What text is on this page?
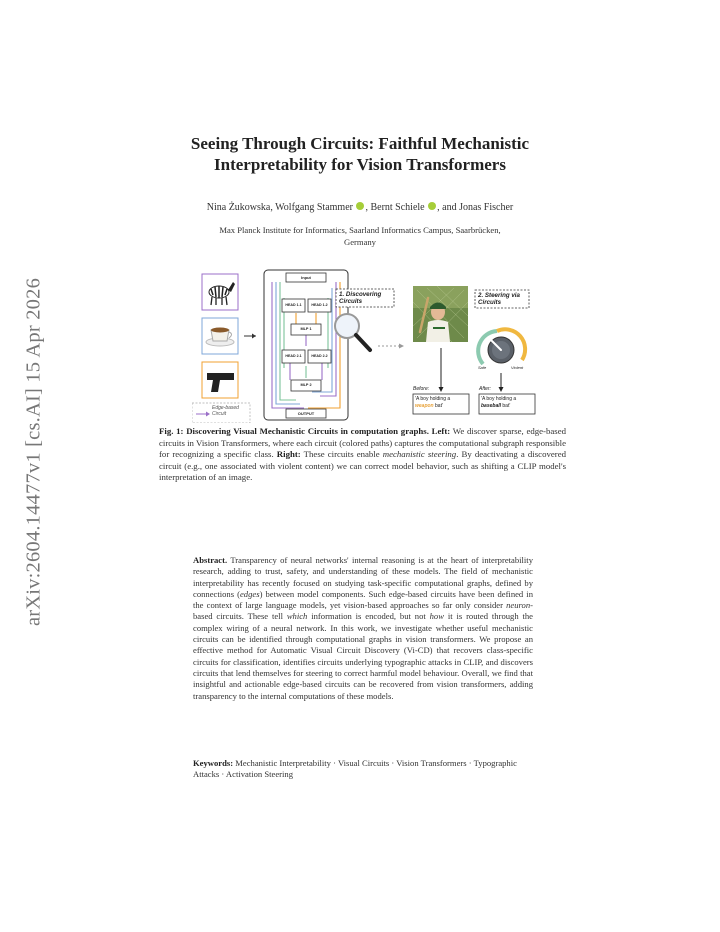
arXiv:2604.14477v1 [cs.AI] 15 Apr 2026
Seeing Through Circuits: Faithful Mechanistic
Interpretability for Vision Transformers
Nina Żukowska, Wolfgang Stammer , Bernt Schiele , and Jonas Fischer
Max Planck Institute for Informatics, Saarland Informatics Campus, Saarbrücken,
Germany
Input
HEAD 1.1	HEAD 1.2
MLP 1
HEAD 2.1	HEAD 2.2
MLP 2
OUTPUT
1. Discovering Circuits
2. Steering via Circuits
Safe	Violent
Before:	After:
'A boy holding a weapon bat'
'A boy holding a baseball bat'
Edge-based
Circuit
Fig. 1: Discovering Visual Mechanistic Circuits in computation graphs. Left: We discover sparse, edge-based circuits in Vision Transformers, where each circuit (colored paths) captures the computational subgraph responsible for recognizing a specific class. Right: These circuits enable mechanistic steering. By deactivating a discovered circuit (e.g., one associated with violent content) we can correct model behavior, such as shifting a CLIP model's interpretation of an image.
Abstract. Transparency of neural networks' internal reasoning is at the heart of interpretability research, adding to trust, safety, and understanding of these models. The field of mechanistic interpretability has recently focused on studying task-specific computational graphs, defined by connections (edges) between model components. Such edge-based circuits have been defined in the context of large language models, yet vision-based approaches so far only consider neuron-based circuits. These tell which information is encoded, but not how it is routed through the complex wiring of a neural network. In this work, we investigate whether useful mechanistic circuits can be identified through computational graphs in vision transformers. We propose an effective method for Automatic Visual Circuit Discovery (Vi-CD) that recovers class-specific circuits for classification, identifies circuits underlying typographic attacks in CLIP, and discovers circuits that lend themselves for steering to correct harmful model behaviour. Overall, we find that insightful and actionable edge-based circuits can be recovered from vision transformers, adding transparency to the internal computations of these models.
Keywords: Mechanistic Interpretability · Visual Circuits · Vision Transformers · Typographic Attacks · Activation Steering
